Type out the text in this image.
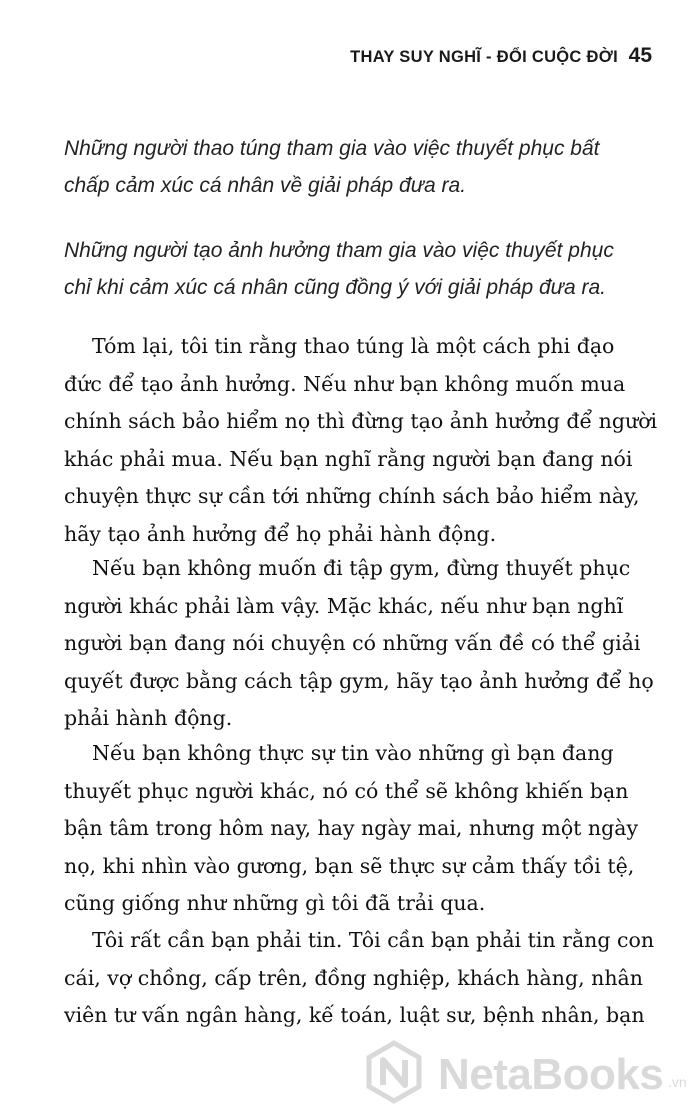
THAY SUY NGHĨ - ĐỔI CUỘC ĐỜI 45
Những người thao túng tham gia vào việc thuyết phục bất
chấp cảm xúc cá nhân về giải pháp đưa ra.
Những người tạo ảnh hưởng tham gia vào việc thuyết phục
chỉ khi cảm xúc cá nhân cũng đồng ý với giải pháp đưa ra.
Tóm lại, tôi tin rằng thao túng là một cách phi đạo
đức để tạo ảnh hưởng. Nếu như bạn không muốn mua
chính sách bảo hiểm nọ thì đừng tạo ảnh hưởng để người
khác phải mua. Nếu bạn nghĩ rằng người bạn đang nói
chuyện thực sự cần tới những chính sách bảo hiểm này,
hãy tạo ảnh hưởng để họ phải hành động.
Nếu bạn không muốn đi tập gym, đừng thuyết phục
người khác phải làm vậy. Mặc khác, nếu như bạn nghĩ
người bạn đang nói chuyện có những vấn đề có thể giải
quyết được bằng cách tập gym, hãy tạo ảnh hưởng để họ
phải hành động.
Nếu bạn không thực sự tin vào những gì bạn đang
thuyết phục người khác, nó có thể sẽ không khiến bạn
bận tâm trong hôm nay, hay ngày mai, nhưng một ngày
nọ, khi nhìn vào gương, bạn sẽ thực sự cảm thấy tồi tệ,
cũng giống như những gì tôi đã trải qua.
Tôi rất cần bạn phải tin. Tôi cần bạn phải tin rằng con
cái, vợ chồng, cấp trên, đồng nghiệp, khách hàng, nhân
viên tư vấn ngân hàng, kế toán, luật sư, bệnh nhân, bạn
NetaBooks .vn
